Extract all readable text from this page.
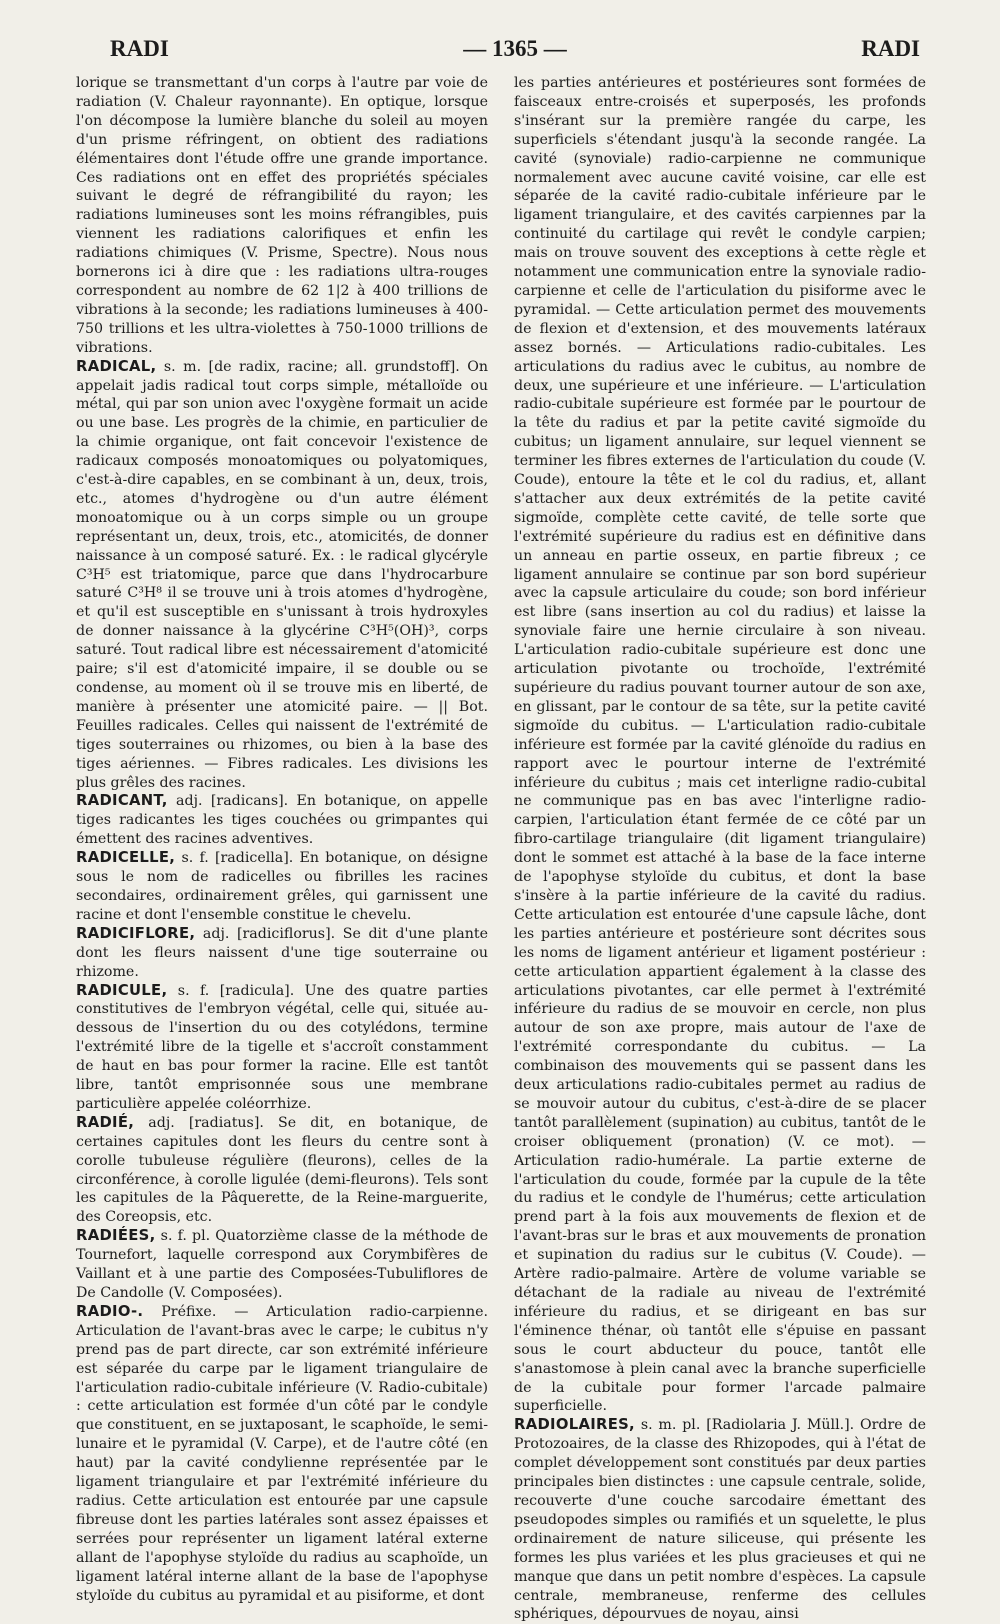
RADI	— 1365 —	RADI

lorique se transmettant d'un corps à l'autre par voie de radiation (V. Chaleur rayonnante). En optique, lorsque l'on décompose la lumière blanche du soleil au moyen d'un prisme réfringent, on obtient des radiations élémentaires dont l'étude offre une grande importance. Ces radiations ont en effet des propriétés spéciales suivant le degré de réfrangibilité du rayon; les radiations lumineuses sont les moins réfrangibles, puis viennent les radiations calorifiques et enfin les radiations chimiques (V. Prisme, Spectre). Nous nous bornerons ici à dire que : les radiations ultra-rouges correspondent au nombre de 62 1|2 à 400 trillions de vibrations à la seconde; les radiations lumineuses à 400-750 trillions et les ultra-violettes à 750-1000 trillions de vibrations.

RADICAL, s. m. [de radix, racine; all. grundstoff]. On appelait jadis radical tout corps simple, métalloïde ou métal, qui par son union avec l'oxygène formait un acide ou une base. Les progrès de la chimie, en particulier de la chimie organique, ont fait concevoir l'existence de radicaux composés monoatomiques ou polyatomiques, c'est-à-dire capables, en se combinant à un, deux, trois, etc., atomes d'hydrogène ou d'un autre élément monoatomique ou à un corps simple ou un groupe représentant un, deux, trois, etc., atomicités, de donner naissance à un composé saturé. Ex. : le radical glycéryle C³H⁵ est triatomique, parce que dans l'hydrocarbure saturé C³H⁸ il se trouve uni à trois atomes d'hydrogène, et qu'il est susceptible en s'unissant à trois hydroxyles de donner naissance à la glycérine C³H⁵(OH)³, corps saturé. Tout radical libre est nécessairement d'atomicité paire; s'il est d'atomicité impaire, il se double ou se condense, au moment où il se trouve mis en liberté, de manière à présenter une atomicité paire. — || Bot. Feuilles radicales. Celles qui naissent de l'extrémité de tiges souterraines ou rhizomes, ou bien à la base des tiges aériennes. — Fibres radicales. Les divisions les plus grêles des racines.

RADICANT, adj. [radicans]. En botanique, on appelle tiges radicantes les tiges couchées ou grimpantes qui émettent des racines adventives.

RADICELLE, s. f. [radicella]. En botanique, on désigne sous le nom de radicelles ou fibrilles les racines secondaires, ordinairement grêles, qui garnissent une racine et dont l'ensemble constitue le chevelu.

RADICIFLORE, adj. [radiciflorus]. Se dit d'une plante dont les fleurs naissent d'une tige souterraine ou rhizome.

RADICULE, s. f. [radicula]. Une des quatre parties constitutives de l'embryon végétal, celle qui, située au-dessous de l'insertion du ou des cotylédons, termine l'extrémité libre de la tigelle et s'accroît constamment de haut en bas pour former la racine. Elle est tantôt libre, tantôt emprisonnée sous une membrane particulière appelée coléorrhize.

RADIÉ, adj. [radiatus]. Se dit, en botanique, de certaines capitules dont les fleurs du centre sont à corolle tubuleuse régulière (fleurons), celles de la circonférence, à corolle ligulée (demi-fleurons). Tels sont les capitules de la Pâquerette, de la Reine-marguerite, des Coreopsis, etc.

RADIÉES, s. f. pl. Quatorzième classe de la méthode de Tournefort, laquelle correspond aux Corymbifères de Vaillant et à une partie des Composées-Tubuliflores de De Candolle (V. Composées).

RADIO-. Préfixe. — Articulation radio-carpienne. Articulation de l'avant-bras avec le carpe; le cubitus n'y prend pas de part directe, car son extrémité inférieure est séparée du carpe par le ligament triangulaire de l'articulation radio-cubitale inférieure (V. Radio-cubitale) : cette articulation est formée d'un côté par le condyle que constituent, en se juxtaposant, le scaphoïde, le semi-lunaire et le pyramidal (V. Carpe), et de l'autre côté (en haut) par la cavité condylienne représentée par le ligament triangulaire et par l'extrémité inférieure du radius. Cette articulation est entourée par une capsule fibreuse dont les parties latérales sont assez épaisses et serrées pour représenter un ligament latéral externe allant de l'apophyse styloïde du radius au scaphoïde, un ligament latéral interne allant de la base de l'apophyse styloïde du cubitus au pyramidal et au pisiforme, et dont

les parties antérieures et postérieures sont formées de faisceaux entre-croisés et superposés, les profonds s'insérant sur la première rangée du carpe, les superficiels s'étendant jusqu'à la seconde rangée. La cavité (synoviale) radio-carpienne ne communique normalement avec aucune cavité voisine, car elle est séparée de la cavité radio-cubitale inférieure par le ligament triangulaire, et des cavités carpiennes par la continuité du cartilage qui revêt le condyle carpien; mais on trouve souvent des exceptions à cette règle et notamment une communication entre la synoviale radio-carpienne et celle de l'articulation du pisiforme avec le pyramidal. — Cette articulation permet des mouvements de flexion et d'extension, et des mouvements latéraux assez bornés. — Articulations radio-cubitales. Les articulations du radius avec le cubitus, au nombre de deux, une supérieure et une inférieure. — L'articulation radio-cubitale supérieure est formée par le pourtour de la tête du radius et par la petite cavité sigmoïde du cubitus; un ligament annulaire, sur lequel viennent se terminer les fibres externes de l'articulation du coude (V. Coude), entoure la tête et le col du radius, et, allant s'attacher aux deux extrémités de la petite cavité sigmoïde, complète cette cavité, de telle sorte que l'extrémité supérieure du radius est en définitive dans un anneau en partie osseux, en partie fibreux ; ce ligament annulaire se continue par son bord supérieur avec la capsule articulaire du coude; son bord inférieur est libre (sans insertion au col du radius) et laisse la synoviale faire une hernie circulaire à son niveau. L'articulation radio-cubitale supérieure est donc une articulation pivotante ou trochoïde, l'extrémité supérieure du radius pouvant tourner autour de son axe, en glissant, par le contour de sa tête, sur la petite cavité sigmoïde du cubitus. — L'articulation radio-cubitale inférieure est formée par la cavité glénoïde du radius en rapport avec le pourtour interne de l'extrémité inférieure du cubitus ; mais cet interligne radio-cubital ne communique pas en bas avec l'interligne radio-carpien, l'articulation étant fermée de ce côté par un fibro-cartilage triangulaire (dit ligament triangulaire) dont le sommet est attaché à la base de la face interne de l'apophyse styloïde du cubitus, et dont la base s'insère à la partie inférieure de la cavité du radius. Cette articulation est entourée d'une capsule lâche, dont les parties antérieure et postérieure sont décrites sous les noms de ligament antérieur et ligament postérieur : cette articulation appartient également à la classe des articulations pivotantes, car elle permet à l'extrémité inférieure du radius de se mouvoir en cercle, non plus autour de son axe propre, mais autour de l'axe de l'extrémité correspondante du cubitus. — La combinaison des mouvements qui se passent dans les deux articulations radio-cubitales permet au radius de se mouvoir autour du cubitus, c'est-à-dire de se placer tantôt parallèlement (supination) au cubitus, tantôt de le croiser obliquement (pronation) (V. ce mot). — Articulation radio-humérale. La partie externe de l'articulation du coude, formée par la cupule de la tête du radius et le condyle de l'humérus; cette articulation prend part à la fois aux mouvements de flexion et de l'avant-bras sur le bras et aux mouvements de pronation et supination du radius sur le cubitus (V. Coude). — Artère radio-palmaire. Artère de volume variable se détachant de la radiale au niveau de l'extrémité inférieure du radius, et se dirigeant en bas sur l'éminence thénar, où tantôt elle s'épuise en passant sous le court abducteur du pouce, tantôt elle s'anastomose à plein canal avec la branche superficielle de la cubitale pour former l'arcade palmaire superficielle.

RADIOLAIRES, s. m. pl. [Radiolaria J. Müll.]. Ordre de Protozoaires, de la classe des Rhizopodes, qui à l'état de complet développement sont constitués par deux parties principales bien distinctes : une capsule centrale, solide, recouverte d'une couche sarcodaire émettant des pseudopodes simples ou ramifiés et un squelette, le plus ordinairement de nature siliceuse, qui présente les formes les plus variées et les plus gracieuses et qui ne manque que dans un petit nombre d'espèces. La capsule centrale, membraneuse, renferme des cellules sphériques, dépourvues de noyau, ainsi
